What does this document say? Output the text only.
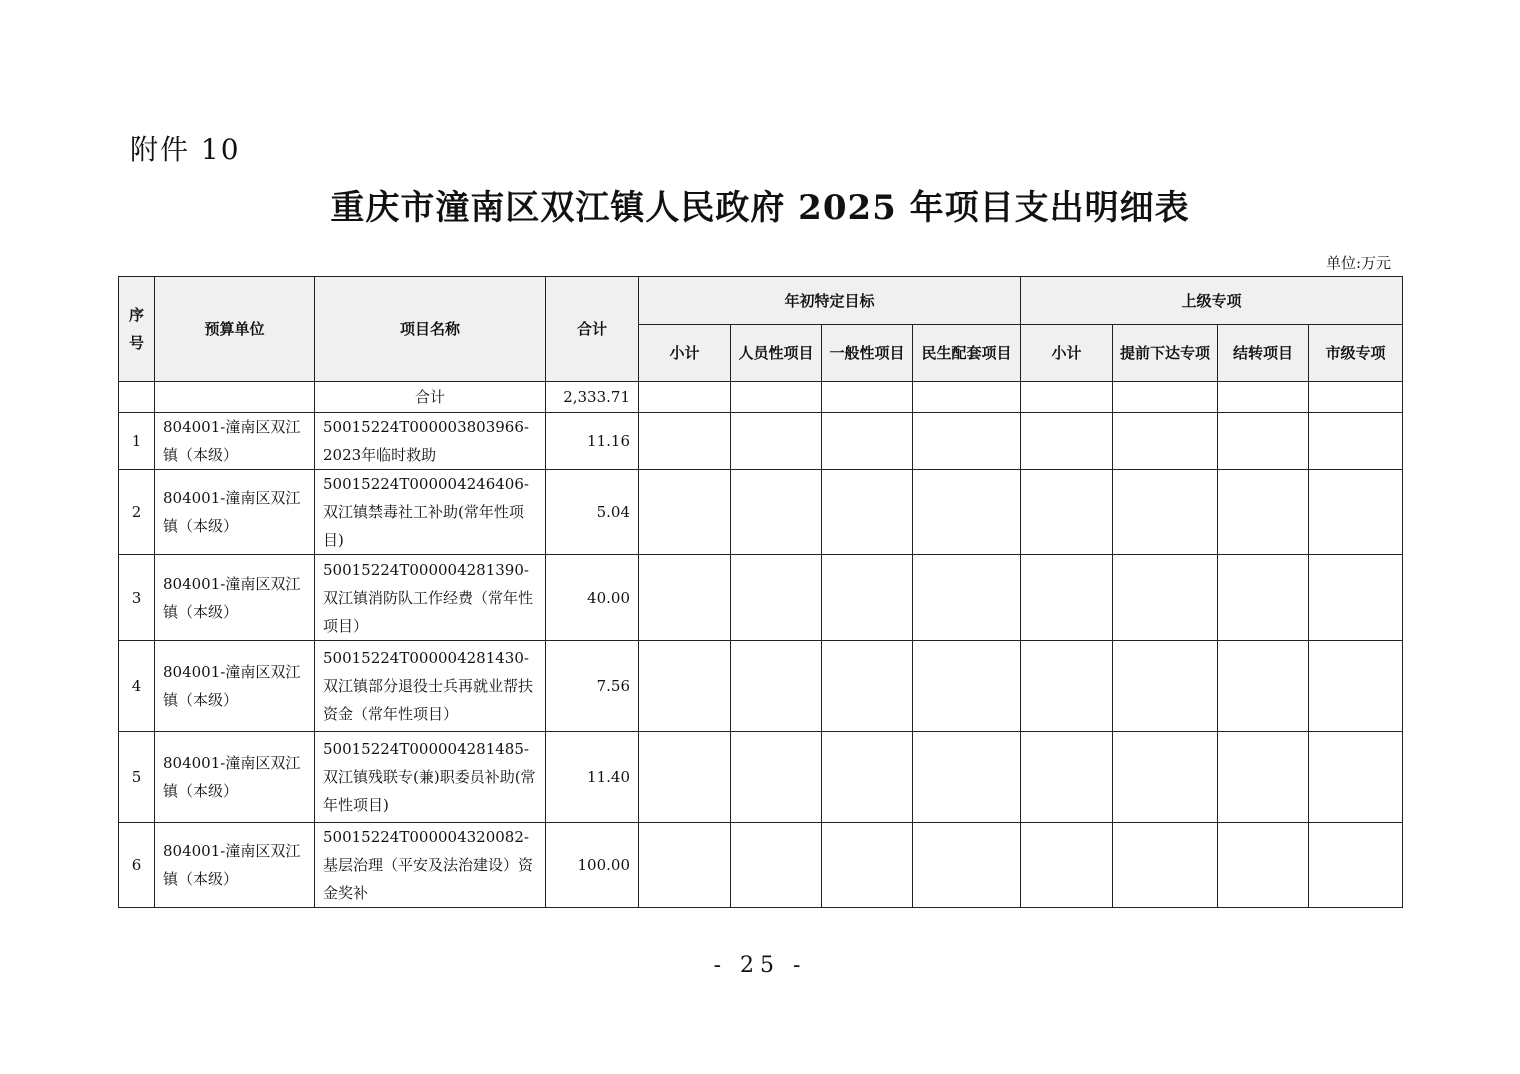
附件 10
重庆市潼南区双江镇人民政府 2025 年项目支出明细表
单位:万元
序号	预算单位	项目名称	合计	年初特定目标				上级专项			
				小计	人员性项目	一般性项目	民生配套项目	小计	提前下达专项	结转项目	市级专项
		合计	2,333.71								
1	804001-潼南区双江镇（本级）	50015224T000003803966-2023年临时救助	11.16								
2	804001-潼南区双江镇（本级）	50015224T000004246406-双江镇禁毒社工补助(常年性项目)	5.04								
3	804001-潼南区双江镇（本级）	50015224T000004281390-双江镇消防队工作经费（常年性项目）	40.00								
4	804001-潼南区双江镇（本级）	50015224T000004281430-双江镇部分退役士兵再就业帮扶资金（常年性项目）	7.56								
5	804001-潼南区双江镇（本级）	50015224T000004281485-双江镇残联专(兼)职委员补助(常年性项目)	11.40								
6	804001-潼南区双江镇（本级）	50015224T000004320082-基层治理（平安及法治建设）资金奖补	100.00								
- 25 -
